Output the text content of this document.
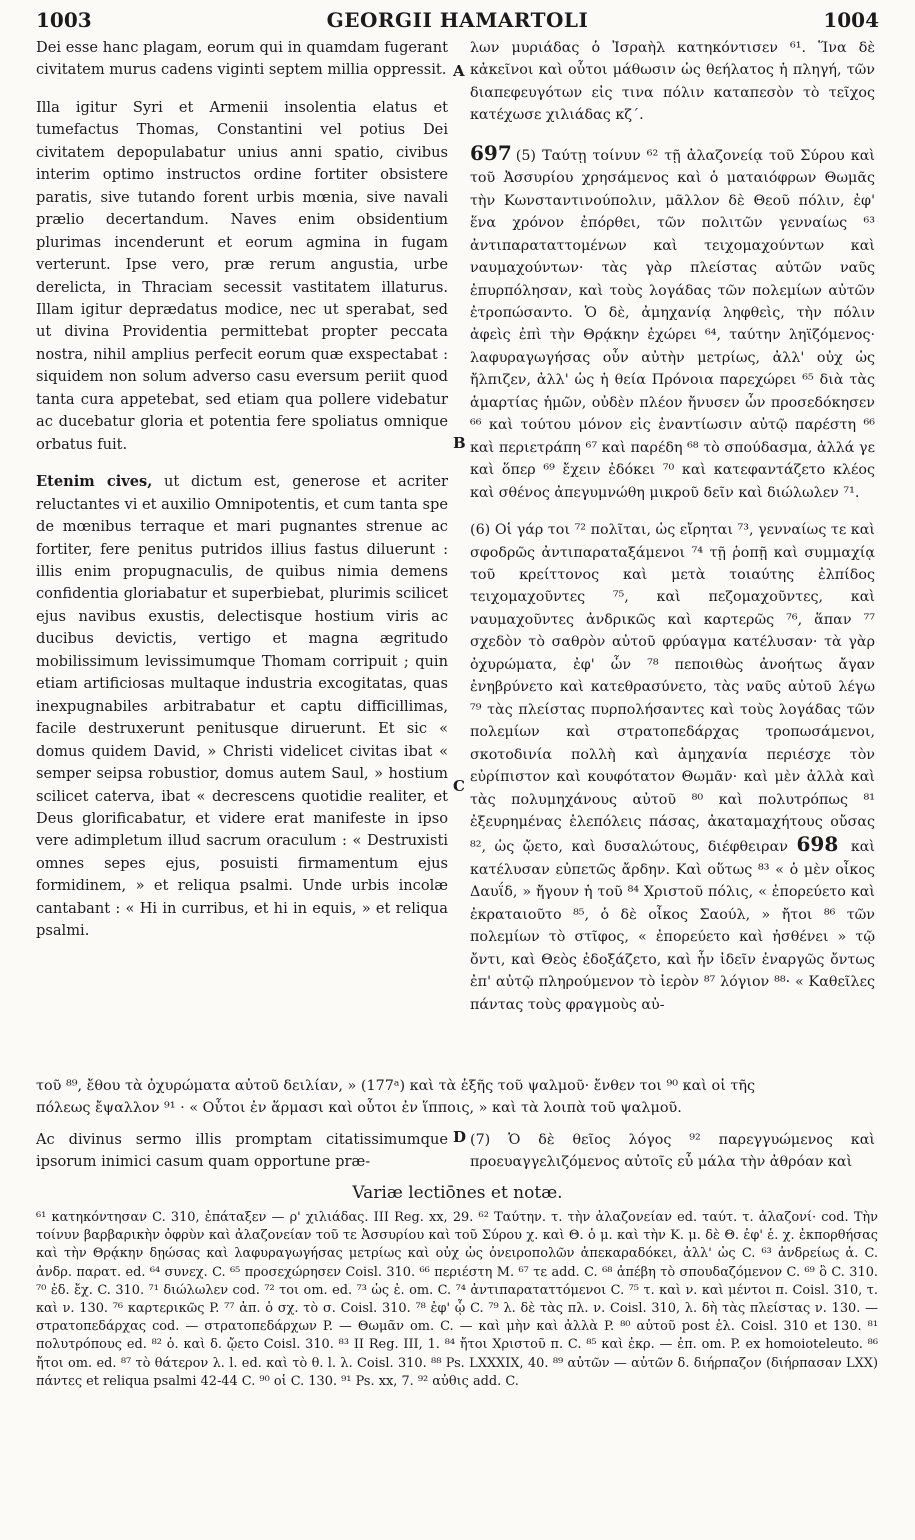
1003	GEORGII HAMARTOLI	1004

Dei esse hanc plagam, eorum qui in quamdam fugerant civitatem murus cadens viginti septem millia oppressit.

Illa igitur Syri et Armenii insolentia elatus et tumefactus Thomas, Constantini vel potius Dei civitatem depopulabatur unius anni spatio, civibus interim optimo instructos ordine fortiter obsistere paratis, sive tutando forent urbis mœnia, sive navali prælio decertandum. Naves enim obsidentium plurimas incenderunt et eorum agmina in fugam verterunt. Ipse vero, præ rerum angustia, urbe derelicta, in Thraciam secessit vastitatem illaturus. Illam igitur deprædatus modice, nec ut sperabat, sed ut divina Providentia permittebat propter peccata nostra, nihil amplius perfecit eorum quæ exspectabat : siquidem non solum adverso casu eversum periit quod tanta cura appetebat, sed etiam qua pollere videbatur ac ducebatur gloria et potentia fere spoliatus omnique orbatus fuit.

Etenim cives, ut dictum est, generose et acriter reluctantes vi et auxilio Omnipotentis, et cum tanta spe de mœnibus terraque et mari pugnantes strenue ac fortiter, fere penitus putridos illius fastus diluerunt : illis enim propugnaculis, de quibus nimia demens confidentia gloriabatur et superbiebat, plurimis scilicet ejus navibus exustis, delectisque hostium viris ac ducibus devictis, vertigo et magna ægritudo mobilissimum levissimumque Thomam corripuit ; quin etiam artificiosas multaque industria excogitatas, quas inexpugnabiles arbitrabatur et captu difficillimas, facile destruxerunt penitusque diruerunt. Et sic « domus quidem David, » Christi videlicet civitas ibat « semper seipsa robustior, domus autem Saul, » hostium scilicet caterva, ibat « decrescens quotidie realiter, et Deus glorificabatur, et videre erat manifeste in ipso vere adimpletum illud sacrum oraculum : « Destruxisti omnes sepes ejus, posuisti firmamentum ejus formidinem, » et reliqua psalmi. Unde urbis incolæ cantabant : « Hi in curribus, et hi in equis, » et reliqua psalmi.

A
B
C
D

λων μυριάδας ὁ Ἰσραὴλ κατηκόντισεν ⁶¹. Ἵνα δὲ κἀκεῖνοι καὶ οὗτοι μάθωσιν ὡς θεήλατος ἡ πληγή, τῶν διαπεφευγότων εἰς τινα πόλιν καταπεσὸν τὸ τεῖχος κατέχωσε χιλιάδας κζ΄.

697 (5) Ταύτῃ τοίνυν ⁶² τῇ ἀλαζονείᾳ τοῦ Σύρου καὶ τοῦ Ἀσσυρίου χρησάμενος καὶ ὁ ματαιόφρων Θωμᾶς τὴν Κωνσταντινούπολιν, μᾶλλον δὲ Θεοῦ πόλιν, ἐφ' ἕνα χρόνον ἐπόρθει, τῶν πολιτῶν γενναίως ⁶³ ἀντιπαραταττομένων καὶ τειχομαχούντων καὶ ναυμαχούντων· τὰς γὰρ πλείστας αὐτῶν ναῦς ἐπυρπόλησαν, καὶ τοὺς λογάδας τῶν πολεμίων αὐτῶν ἐτροπώσαντο. Ὁ δὲ, ἀμηχανίᾳ ληφθεὶς, τὴν πόλιν ἀφεὶς ἐπὶ τὴν Θρᾴκην ἐχώρει ⁶⁴, ταύτην ληϊζόμενος· λαφυραγωγήσας οὖν αὐτὴν μετρίως, ἀλλ' οὐχ ὡς ἤλπιζεν, ἀλλ' ὡς ἡ θεία Πρόνοια παρεχώρει ⁶⁵ διὰ τὰς ἁμαρτίας ἡμῶν, οὐδὲν πλέον ἤνυσεν ὧν προσεδόκησεν ⁶⁶ καὶ τούτου μόνον εἰς ἐναντίωσιν αὐτῷ παρέστη ⁶⁶ καὶ περιετράπη ⁶⁷ καὶ παρέδη ⁶⁸ τὸ σπούδασμα, ἀλλά γε καὶ ὅπερ ⁶⁹ ἔχειν ἐδόκει ⁷⁰ καὶ κατεφαντάζετο κλέος καὶ σθένος ἀπεγυμνώθη μικροῦ δεῖν καὶ διώλωλεν ⁷¹.

(6) Οἱ γάρ τοι ⁷² πολῖται, ὡς εἴρηται ⁷³, γενναίως τε καὶ σφοδρῶς ἀντιπαραταξάμενοι ⁷⁴ τῇ ῥοπῇ καὶ συμμαχίᾳ τοῦ κρείττονος καὶ μετὰ τοιαύτης ἐλπίδος τειχομαχοῦντες ⁷⁵, καὶ πεζομαχοῦντες, καὶ ναυμαχοῦντες ἀνδρικῶς καὶ καρτερῶς ⁷⁶, ἅπαν ⁷⁷ σχεδὸν τὸ σαθρὸν αὐτοῦ φρύαγμα κατέλυσαν· τὰ γὰρ ὀχυρώματα, ἐφ' ὧν ⁷⁸ πεποιθὼς ἀνοήτως ἄγαν ἐνηβρύνετο καὶ κατεθρασύνετο, τὰς ναῦς αὐτοῦ λέγω ⁷⁹ τὰς πλείστας πυρπολήσαντες καὶ τοὺς λογάδας τῶν πολεμίων καὶ στρατοπεδάρχας τροπωσάμενοι, σκοτοδινία πολλὴ καὶ ἀμηχανία περιέσχε τὸν εὐρίπιστον καὶ κουφότατον Θωμᾶν· καὶ μὲν ἀλλὰ καὶ τὰς πολυμηχάνους αὐτοῦ ⁸⁰ καὶ πολυτρόπως ⁸¹ ἐξευρημένας ἑλεπόλεις πάσας, ἀκαταμαχήτους οὔσας ⁸², ὡς ᾤετο, καὶ δυσαλώτους, διέφθειραν 698 καὶ κατέλυσαν εὐπετῶς ἄρδην. Καὶ οὕτως ⁸³ « ὁ μὲν οἶκος Δαυΐδ, » ἤγουν ἡ τοῦ ⁸⁴ Χριστοῦ πόλις, « ἐπορεύετο καὶ ἐκραταιοῦτο ⁸⁵, ὁ δὲ οἶκος Σαούλ, » ἤτοι ⁸⁶ τῶν πολεμίων τὸ στῖφος, « ἐπορεύετο καὶ ἠσθένει » τῷ ὄντι, καὶ Θεὸς ἐδοξάζετο, καὶ ἦν ἰδεῖν ἐναργῶς ὄντως ἐπ' αὐτῷ πληρούμενον τὸ ἱερὸν ⁸⁷ λόγιον ⁸⁸· « Καθεῖλες πάντας τοὺς φραγμοὺς αὐ-

τοῦ ⁸⁹, ἔθου τὰ ὀχυρώματα αὐτοῦ δειλίαν, » (177ᵃ) καὶ τὰ ἑξῆς τοῦ ψαλμοῦ· ἔνθεν τοι ⁹⁰ καὶ οἱ τῆς

πόλεως ἔψαλλον ⁹¹ · « Οὗτοι ἐν ἅρμασι καὶ οὗτοι ἐν ἵπποις, » καὶ τὰ λοιπὰ τοῦ ψαλμοῦ.

Ac divinus sermo illis promptam citatissimumque ipsorum inimici casum quam opportune præ-
(7) Ὁ δὲ θεῖος λόγος ⁹² παρεγγυώμενος καὶ προευαγγελιζόμενος αὐτοῖς εὖ μάλα τὴν ἀθρόαν καὶ
Variæ lectiōnes et notæ.
⁶¹ κατηκόντησαν C. 310, ἐπάταξεν — ρ' χιλιάδας. III Reg. xx, 29. ⁶² Ταύτην. τ. τὴν ἀλαζονείαν ed. ταύτ. τ. ἀλαζονί· cod. Τὴν τοίνυν βαρβαρικὴν ὀφρὺν καὶ ἀλαζονείαν τοῦ τε Ἀσσυρίου καὶ τοῦ Σύρου χ. καὶ Θ. ὁ μ. καὶ τὴν Κ. μ. δὲ Θ. ἐφ' ἑ. χ. ἐκπορθήσας καὶ τὴν Θρᾴκην δῃώσας καὶ λαφυραγωγήσας μετρίως καὶ οὐχ ὡς ὀνειροπολῶν ἀπεκαραδόκει, ἀλλ' ὡς C. ⁶³ ἀνδρείως ἀ. C. ἀνδρ. παρατ. ed. ⁶⁴ συνεχ. C. ⁶⁵ προσεχώρησεν Coisl. 310. ⁶⁶ περιέστη M. ⁶⁷ τε add. C. ⁶⁸ ἀπέβη τὸ σπουδαζόμενον C. ⁶⁹ ὃ C. 310. ⁷⁰ ἐδ. ἔχ. C. 310. ⁷¹ διώλωλεν cod. ⁷² τοι om. ed. ⁷³ ὡς ἐ. om. C. ⁷⁴ ἀντιπαραταττόμενοι C. ⁷⁵ τ. καὶ ν. καὶ μέντοι π. Coisl. 310, τ. καὶ ν. 130. ⁷⁶ καρτερικῶς P. ⁷⁷ ἀπ. ὁ σχ. τὸ σ. Coisl. 310. ⁷⁸ ἐφ' ᾧ C. ⁷⁹ λ. δὲ τὰς πλ. ν. Coisl. 310, λ. δὴ τὰς πλείστας ν. 130. — στρατοπεδάρχας cod. — στρατοπεδάρχων P. — Θωμᾶν om. C. — καὶ μὴν καὶ ἀλλὰ P. ⁸⁰ αὐτοῦ post ἑλ. Coisl. 310 et 130. ⁸¹ πολυτρόπους ed. ⁸² ὁ. καὶ δ. ᾤετο Coisl. 310. ⁸³ II Reg. III, 1. ⁸⁴ ἤτοι Χριστοῦ π. C. ⁸⁵ καὶ ἐκρ. — ἐπ. om. P. ex homoioteleuto. ⁸⁶ ἤτοι om. ed. ⁸⁷ τὸ θάτερον λ. l. ed. καὶ τὸ θ. l. λ. Coisl. 310. ⁸⁸ Ps. LXXXIX, 40. ⁸⁹ αὐτῶν — αὐτῶν δ. διήρπαζον (διήρπασαν LXX) πάντες et reliqua psalmi 42-44 C. ⁹⁰ οἱ C. 130. ⁹¹ Ps. xx, 7. ⁹² αὐθις add. C.
